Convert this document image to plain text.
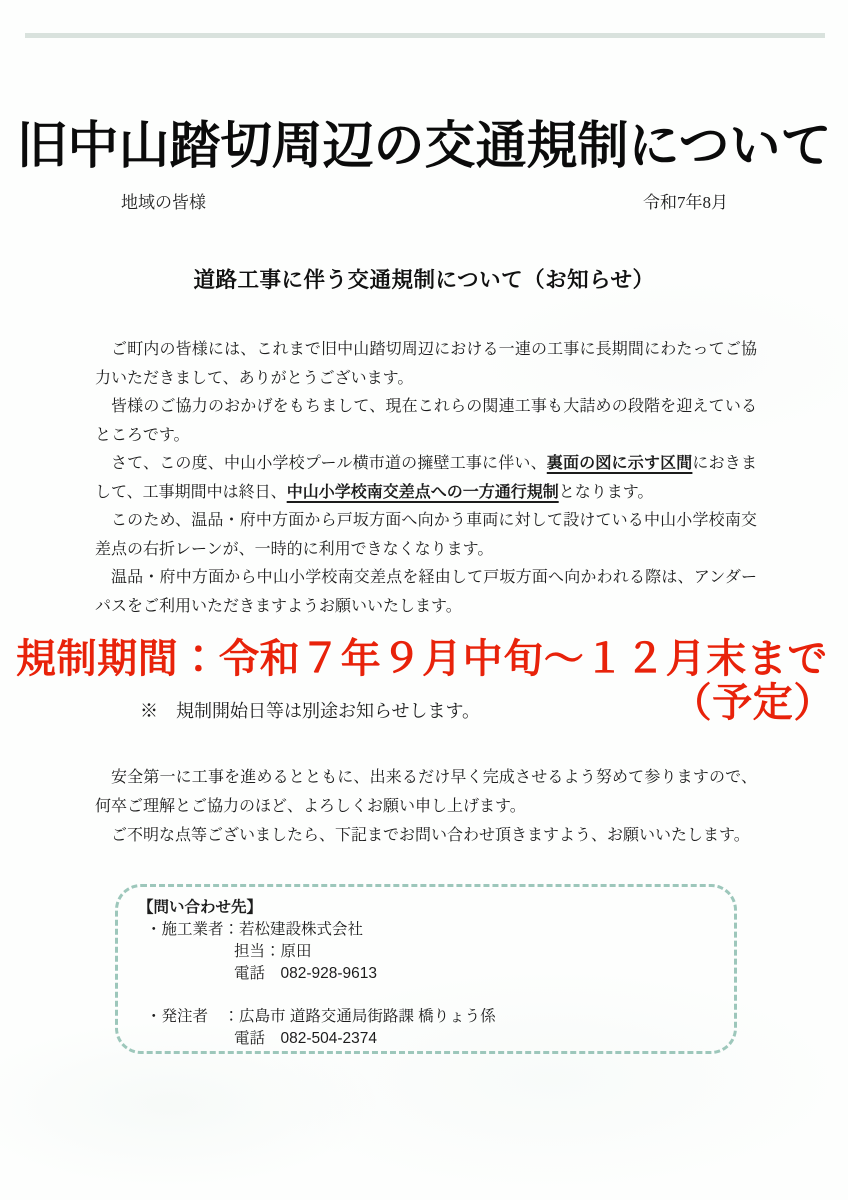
旧中山踏切周辺の交通規制について
地域の皆様	令和7年8月
道路工事に伴う交通規制について（お知らせ）

ご町内の皆様には、これまで旧中山踏切周辺における一連の工事に長期間にわたってご協力いただきまして、ありがとうございます。

皆様のご協力のおかげをもちまして、現在これらの関連工事も大詰めの段階を迎えているところです。

さて、この度、中山小学校プール横市道の擁壁工事に伴い、裏面の図に示す区間におきまして、工事期間中は終日、中山小学校南交差点への一方通行規制となります。

このため、温品・府中方面から戸坂方面へ向かう車両に対して設けている中山小学校南交差点の右折レーンが、一時的に利用できなくなります。

温品・府中方面から中山小学校南交差点を経由して戸坂方面へ向かわれる際は、アンダーパスをご利用いただきますようお願いいたします。

規制期間：令和７年９月中旬～１２月末まで
（予定）
※　規制開始日等は別途お知らせします。

安全第一に工事を進めるとともに、出来るだけ早く完成させるよう努めて参りますので、何卒ご理解とご協力のほど、よろしくお願い申し上げます。

ご不明な点等ございましたら、下記までお問い合わせ頂きますよう、お願いいたします。

【問い合わせ先】
・施工業者：若松建設株式会社
担当：原田
電話　082-928-9613
・発注者　：広島市 道路交通局街路課 橋りょう係
電話　082-504-2374
